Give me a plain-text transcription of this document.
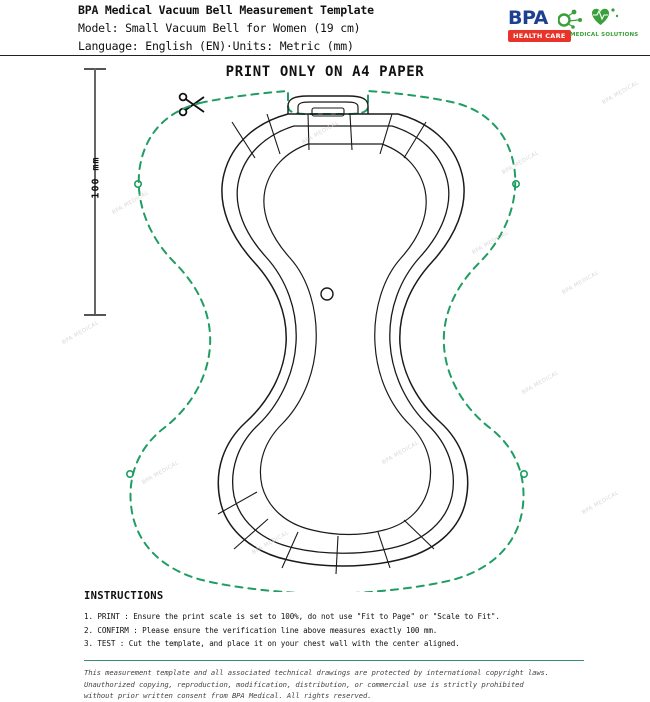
BPA Medical Vacuum Bell Measurement Template
Model: Small Vacuum Bell for Women (19 cm)
Language: English (EN)·Units: Metric (mm)
BPA
HEALTH CARE MEDICAL SOLUTIONS
PRINT ONLY ON A4 PAPER
100 mm
BPA MEDICAL
BPA MEDICAL
BPA MEDICAL
BPA MEDICAL
BPA MEDICAL
BPA MEDICAL
BPA MEDICAL
BPA MEDICAL
BPA MEDICAL
BPA MEDICAL
BPA MEDICAL
BPA MEDICAL
INSTRUCTIONS
1. PRINT : Ensure the print scale is set to 100%, do not use "Fit to Page" or "Scale to Fit".
2. CONFIRM : Please ensure the verification line above measures exactly 100 mm.
3. TEST : Cut the template, and place it on your chest wall with the center aligned.
This measurement template and all associated technical drawings are protected by international copyright laws.
Unauthorized copying, reproduction, modification, distribution, or commercial use is strictly prohibited
without prior written consent from BPA Medical. All rights reserved.
